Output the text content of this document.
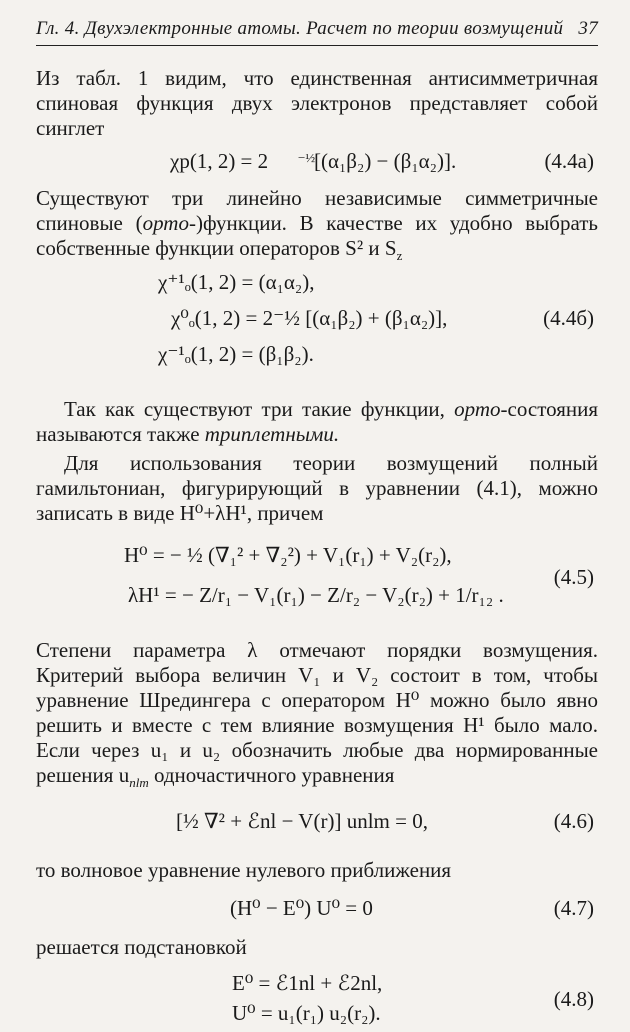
Гл. 4. Двухэлектронные атомы. Расчет по теории возмущений 37

Из табл. 1 видим, что единственная антисимметричная спиновая функция двух электронов представляет собой синглет

χp(1, 2) = 2 −½
[(α₁β₂) − (β₁α₂)].	(4.4а)

Существуют три линейно независимые симметричные спиновые (орто-)функции. В качестве их удобно выбрать собственные функции операторов S² и $S_z$

χ⁺¹ₒ(1, 2) = (α₁α₂),
χ⁰ₒ(1, 2) = 2⁻½ [(α₁β₂) + (β₁α₂)],
χ⁻¹ₒ(1, 2) = (β₁β₂).
(4.4б)

Так как существуют три такие функции, орто-состояния называются также триплетными.

Для использования теории возмущений полный гамильтониан, фигурирующий в уравнении (4.1), можно записать в виде H⁰+λH¹, причем

H⁰ = − ½ (∇₁² + ∇₂²) + V₁(r₁) + V₂(r₂),
λH¹ = − Z/r₁ − V₁(r₁) − Z/r₂ − V₂(r₂) + 1/r₁₂ .
(4.5)

Степени параметра λ отмечают порядки возмущения. Критерий выбора величин V₁ и V₂ состоит в том, чтобы уравнение Шредингера с оператором H⁰ можно было явно решить и вместе с тем влияние возмущения H¹ было мало. Если через u₁ и u₂ обозначить любые два нормированные решения $u_{nlm}$ одночастичного уравнения

[½ ∇² + ℰnl − V(r)] unlm = 0,	(4.6)

то волновое уравнение нулевого приближения

(H⁰ − E⁰) U⁰ = 0	(4.7)

решается подстановкой

E⁰ = ℰ1nl + ℰ2nl,
U⁰ = u₁(r₁) u₂(r₂).
(4.8)
